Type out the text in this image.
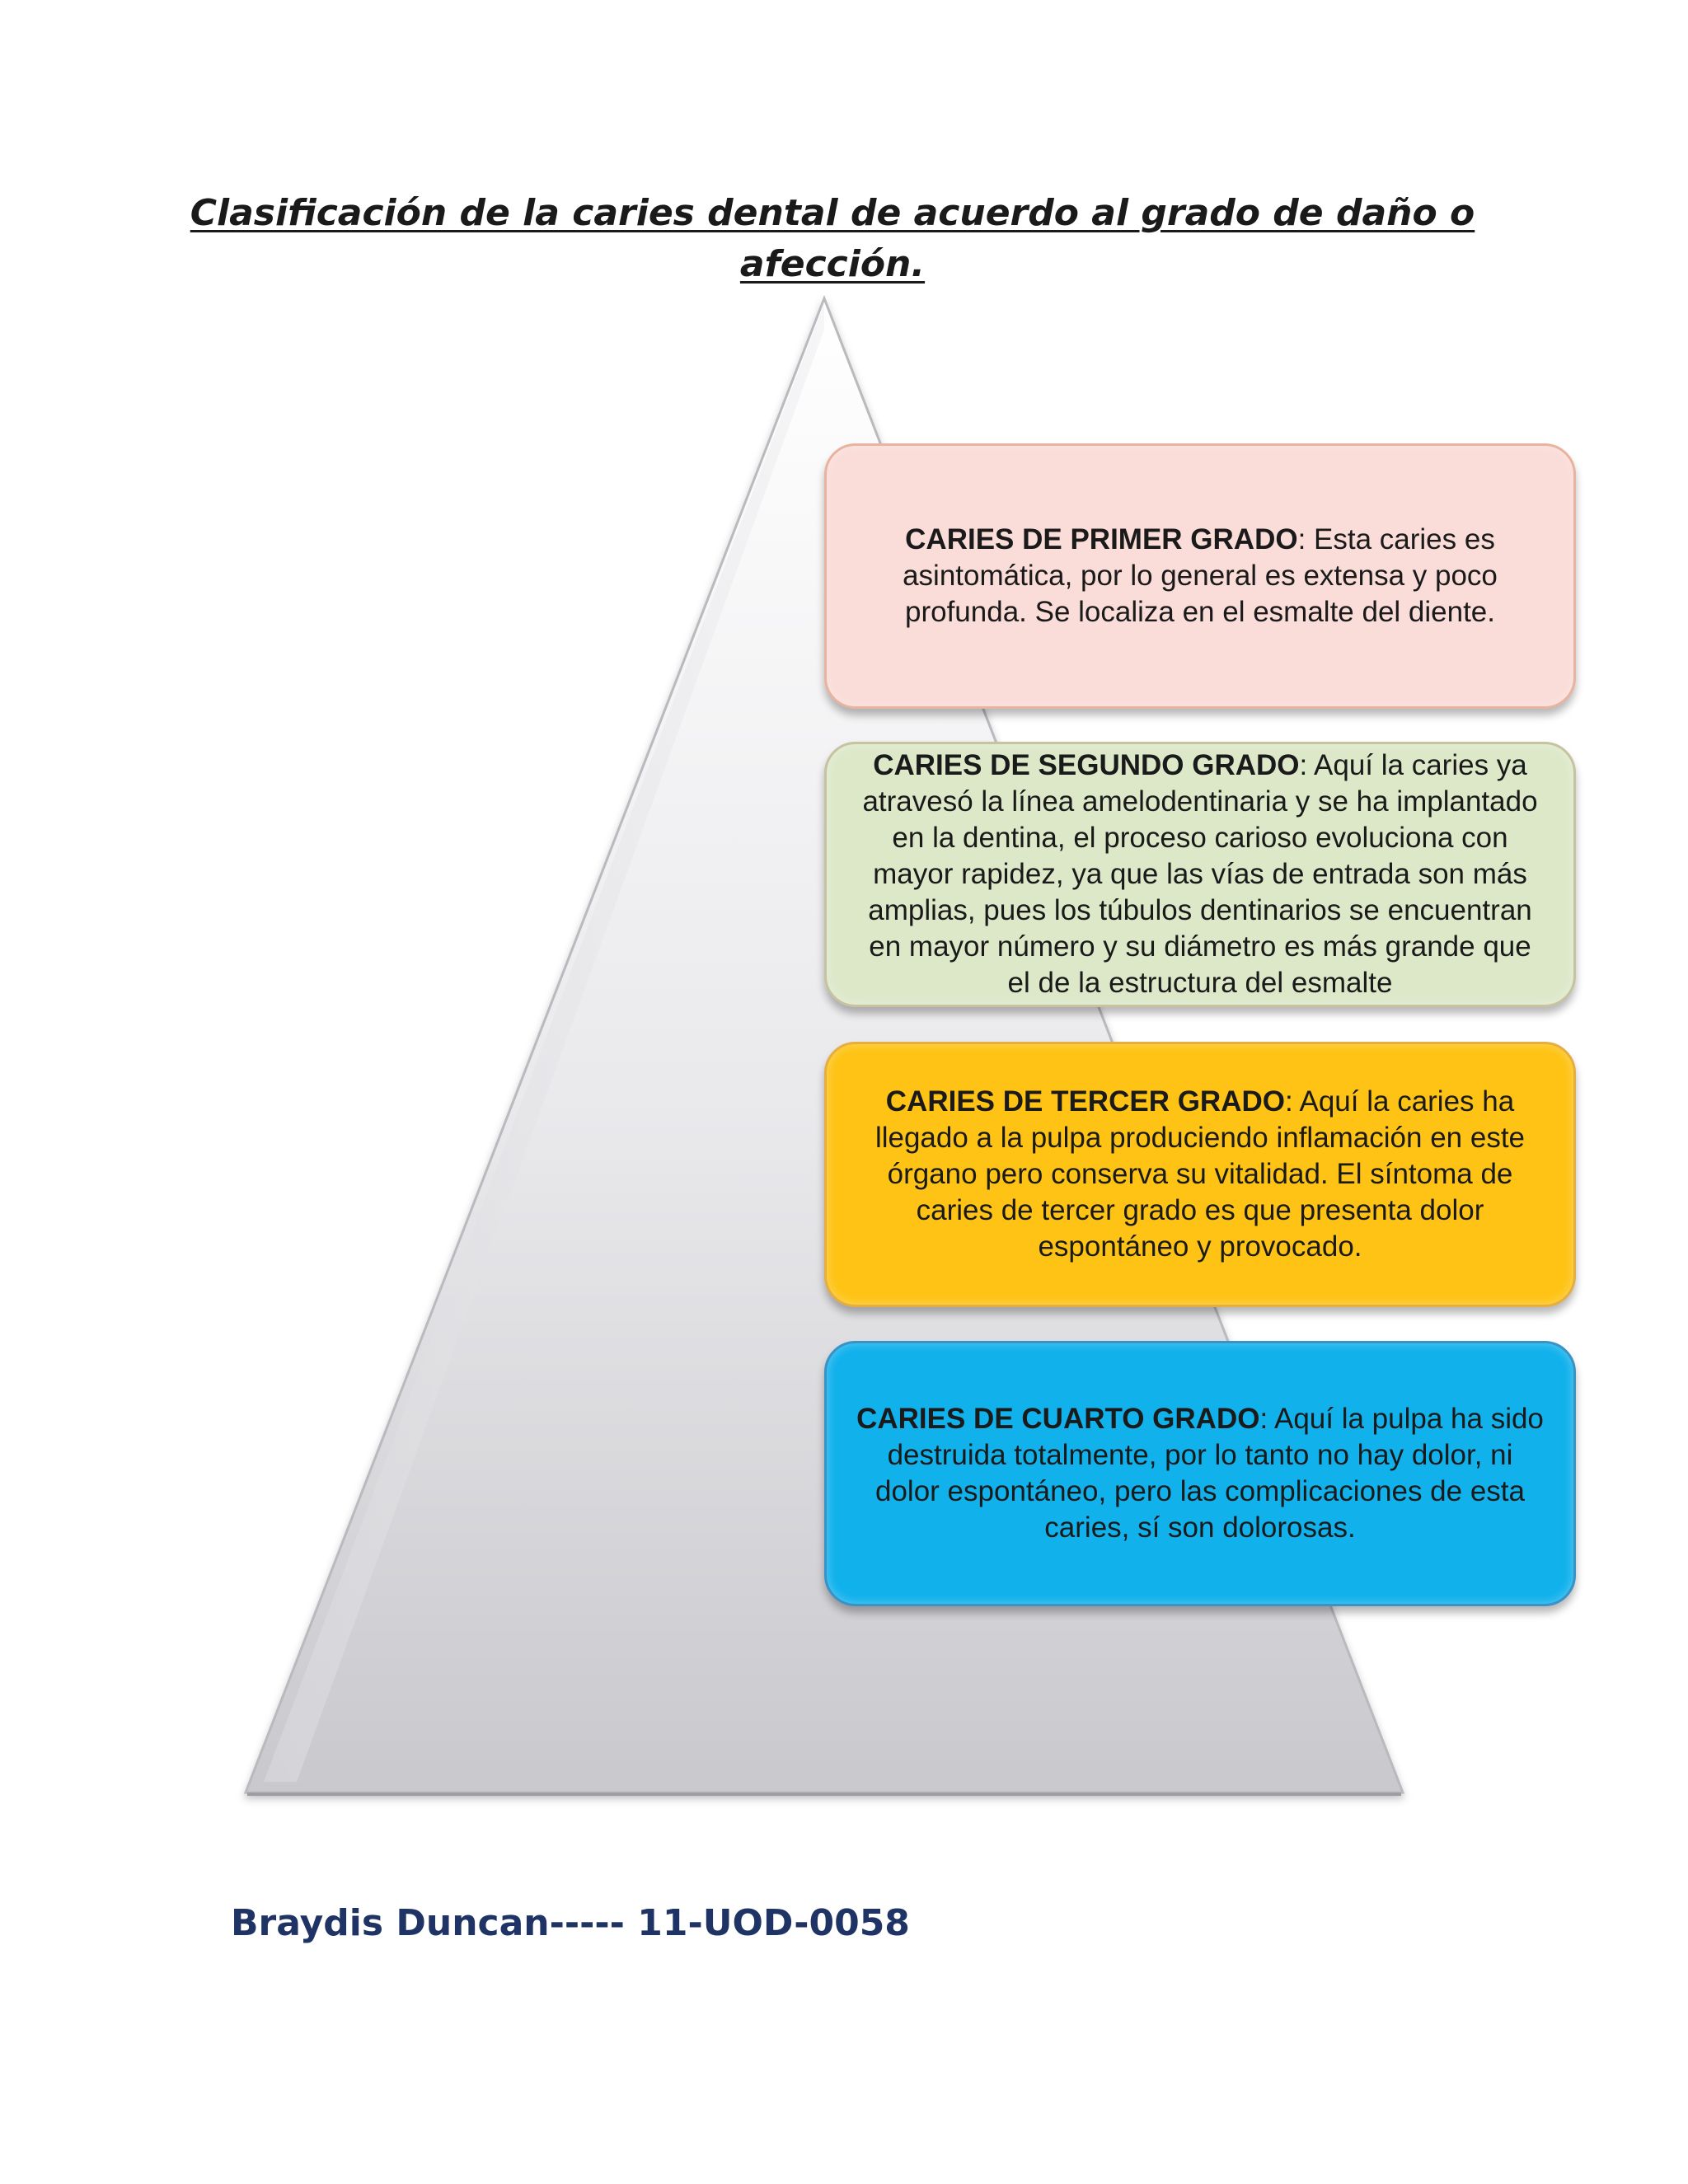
Clasificación de la caries dental de acuerdo al grado de daño o
afección.

CARIES DE PRIMER GRADO: Esta caries es asintomática, por lo general es extensa y poco profunda. Se localiza en el esmalte del diente.

CARIES DE SEGUNDO GRADO: Aquí la caries ya atravesó la línea amelodentinaria y se ha implantado en la dentina, el proceso carioso evoluciona con mayor rapidez, ya que las vías de entrada son más amplias, pues los túbulos dentinarios se encuentran en mayor número y su diámetro es más grande que el de la estructura del esmalte

CARIES DE TERCER GRADO: Aquí la caries ha llegado a la pulpa produciendo inflamación en este órgano pero conserva su vitalidad. El síntoma de caries de tercer grado es que presenta dolor espontáneo y provocado.

CARIES DE CUARTO GRADO: Aquí la pulpa ha sido destruida totalmente, por lo tanto no hay dolor, ni dolor espontáneo, pero las complicaciones de esta caries, sí son dolorosas.

Braydis Duncan----- 11-UOD-0058
